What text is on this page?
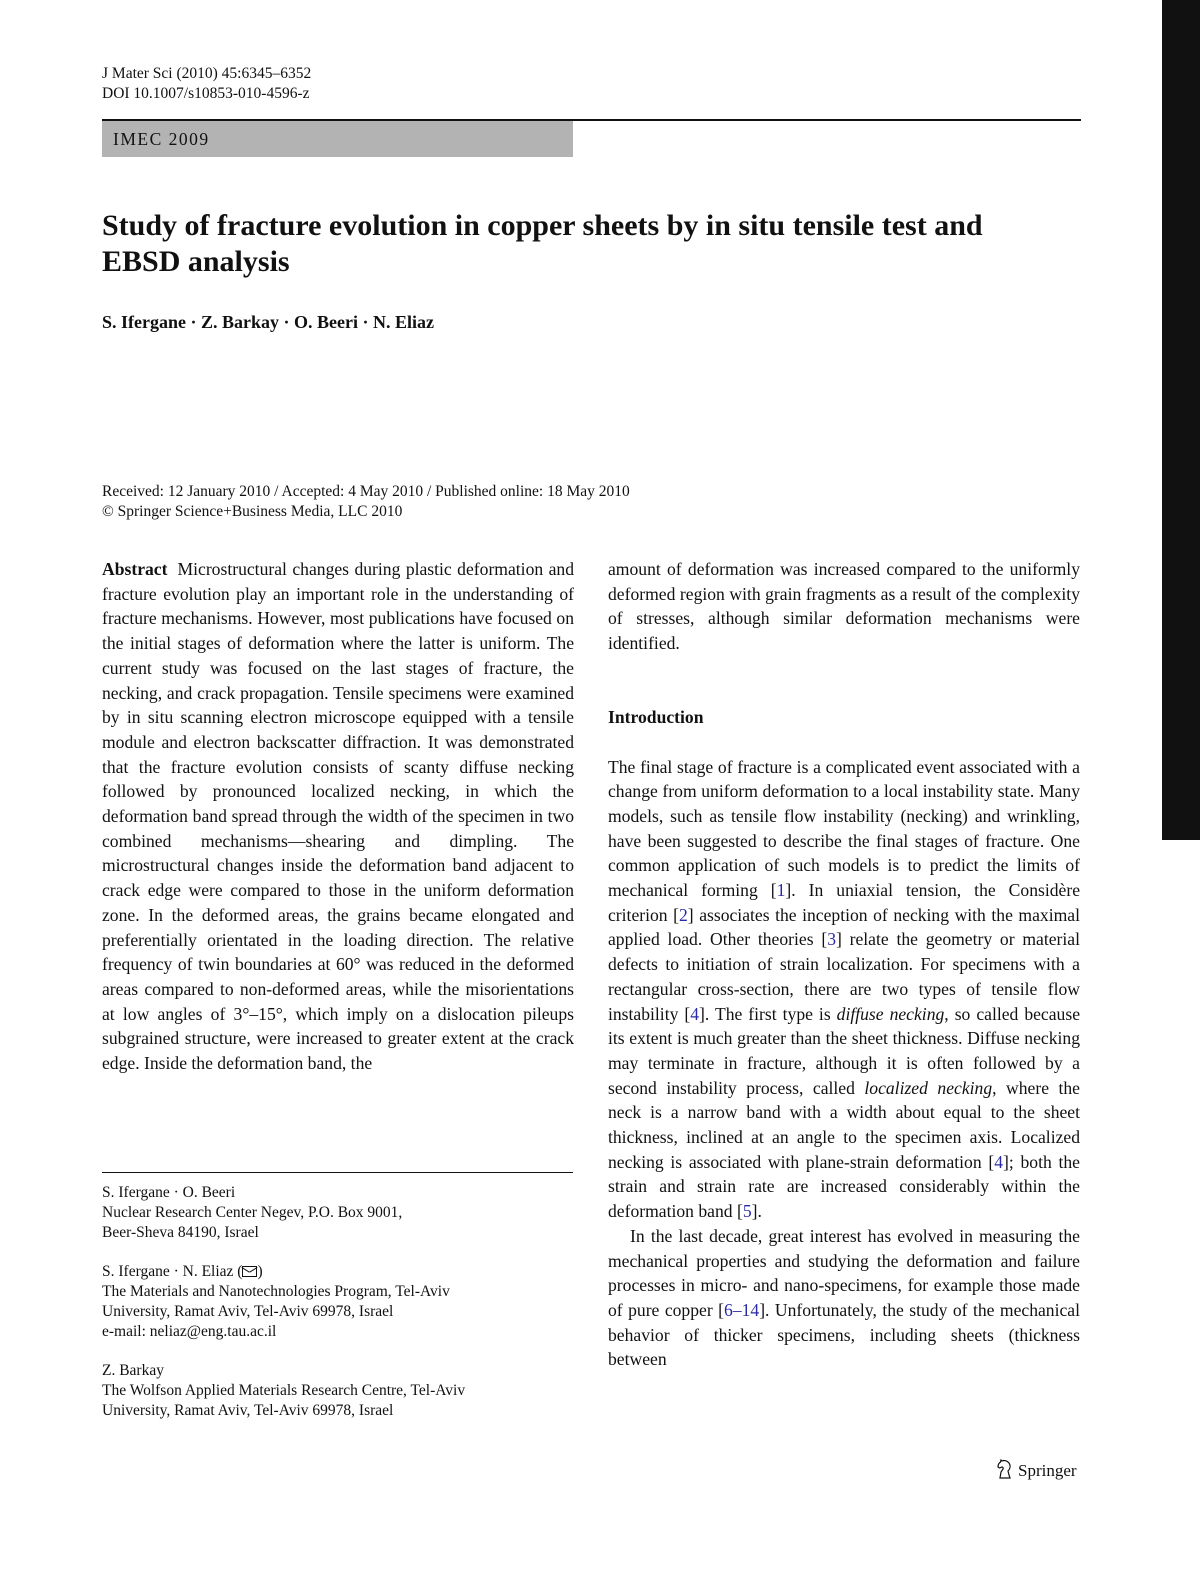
J Mater Sci (2010) 45:6345–6352
DOI 10.1007/s10853-010-4596-z
IMEC 2009
Study of fracture evolution in copper sheets by in situ tensile test and EBSD analysis
S. Ifergane · Z. Barkay · O. Beeri · N. Eliaz
Received: 12 January 2010 / Accepted: 4 May 2010 / Published online: 18 May 2010
© Springer Science+Business Media, LLC 2010

Abstract Microstructural changes during plastic deformation and fracture evolution play an important role in the understanding of fracture mechanisms. However, most publications have focused on the initial stages of deformation where the latter is uniform. The current study was focused on the last stages of fracture, the necking, and crack propagation. Tensile specimens were examined by in situ scanning electron microscope equipped with a tensile module and electron backscatter diffraction. It was demonstrated that the fracture evolution consists of scanty diffuse necking followed by pronounced localized necking, in which the deformation band spread through the width of the specimen in two combined mechanisms—shearing and dimpling. The microstructural changes inside the deformation band adjacent to crack edge were compared to those in the uniform deformation zone. In the deformed areas, the grains became elongated and preferentially orientated in the loading direction. The relative frequency of twin boundaries at 60° was reduced in the deformed areas compared to non-deformed areas, while the misorientations at low angles of 3°–15°, which imply on a dislocation pileups subgrained structure, were increased to greater extent at the crack edge. Inside the deformation band, the

amount of deformation was increased compared to the uniformly deformed region with grain fragments as a result of the complexity of stresses, although similar deformation mechanisms were identified.

Introduction

The final stage of fracture is a complicated event associated with a change from uniform deformation to a local instability state. Many models, such as tensile flow instability (necking) and wrinkling, have been suggested to describe the final stages of fracture. One common application of such models is to predict the limits of mechanical forming [1]. In uniaxial tension, the Considère criterion [2] associates the inception of necking with the maximal applied load. Other theories [3] relate the geometry or material defects to initiation of strain localization. For specimens with a rectangular cross-section, there are two types of tensile flow instability [4]. The first type is diffuse necking, so called because its extent is much greater than the sheet thickness. Diffuse necking may terminate in fracture, although it is often followed by a second instability process, called localized necking, where the neck is a narrow band with a width about equal to the sheet thickness, inclined at an angle to the specimen axis. Localized necking is associated with plane-strain deformation [4]; both the strain and strain rate are increased considerably within the deformation band [5].

In the last decade, great interest has evolved in measuring the mechanical properties and studying the deformation and failure processes in micro- and nano-specimens, for example those made of pure copper [6–14]. Unfortunately, the study of the mechanical behavior of thicker specimens, including sheets (thickness between

S. Ifergane · O. Beeri
Nuclear Research Center Negev, P.O. Box 9001,
Beer-Sheva 84190, Israel
S. Ifergane · N. Eliaz ( )
The Materials and Nanotechnologies Program, Tel-Aviv
University, Ramat Aviv, Tel-Aviv 69978, Israel
e-mail: neliaz@eng.tau.ac.il
Z. Barkay
The Wolfson Applied Materials Research Centre, Tel-Aviv
University, Ramat Aviv, Tel-Aviv 69978, Israel
Springer
